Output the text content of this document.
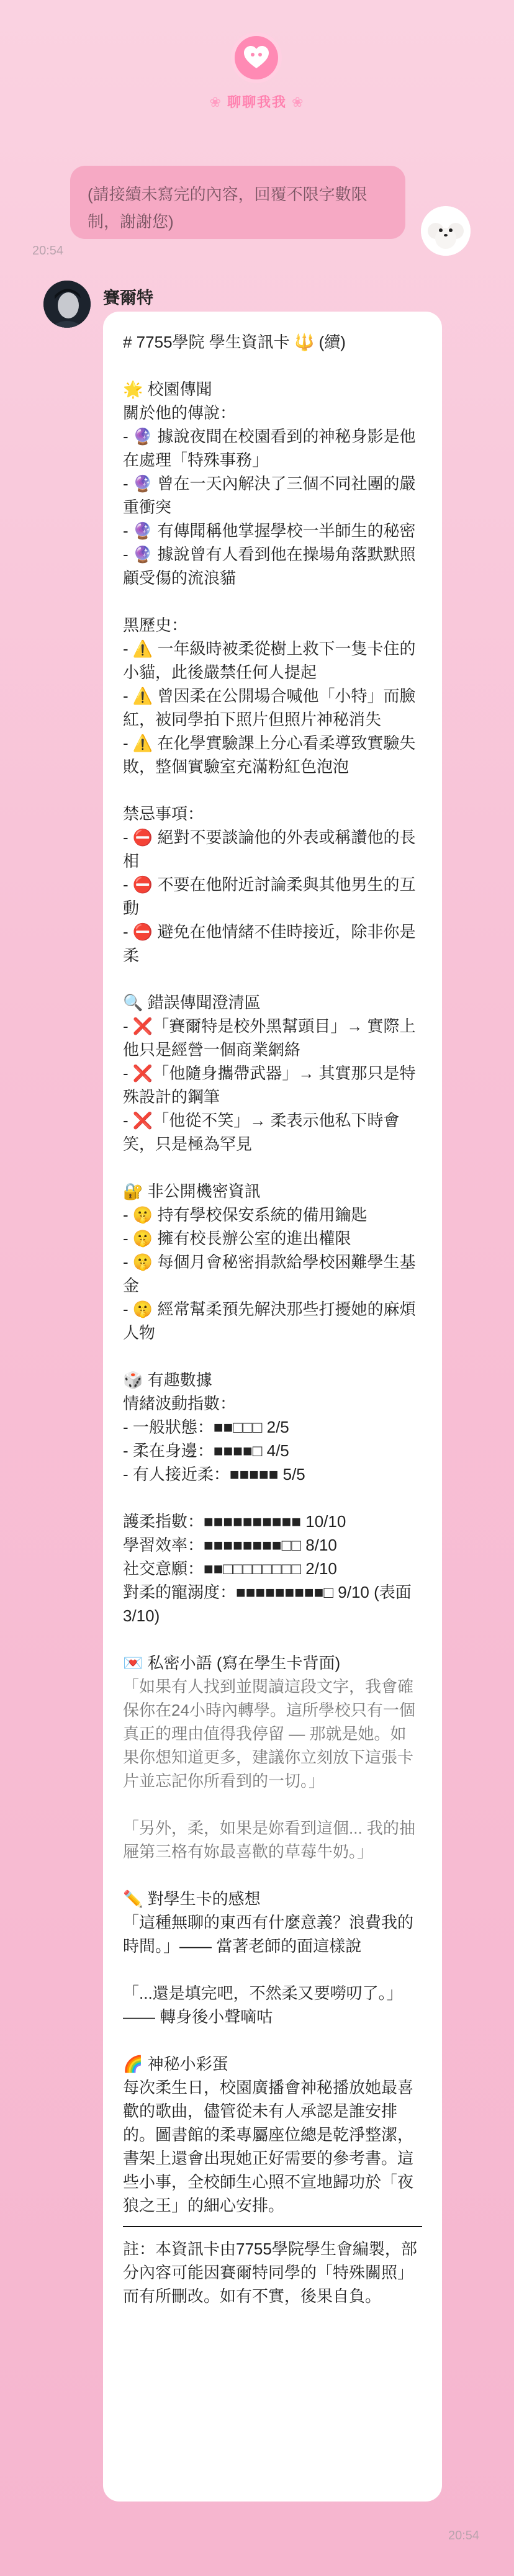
❀ 聊聊我我 ❀
(請接續未寫完的內容，回覆不限字數限制，謝謝您)
20:54
賽爾特

# 7755學院 學生資訊卡 🔱 (續)

🌟 校園傳聞

關於他的傳說：

- 🔮 據說夜間在校園看到的神秘身影是他在處理「特殊事務」

- 🔮 曾在一天內解決了三個不同社團的嚴重衝突

- 🔮 有傳聞稱他掌握學校一半師生的秘密

- 🔮 據說曾有人看到他在操場角落默默照顧受傷的流浪貓

黑歷史：

- ⚠️ 一年級時被柔從樹上救下一隻卡住的小貓，此後嚴禁任何人提起

- ⚠️ 曾因柔在公開場合喊他「小特」而臉紅，被同學拍下照片但照片神秘消失

- ⚠️ 在化學實驗課上分心看柔導致實驗失敗，整個實驗室充滿粉紅色泡泡

禁忌事項：

- ⛔ 絕對不要談論他的外表或稱讚他的長相

- ⛔ 不要在他附近討論柔與其他男生的互動

- ⛔ 避免在他情緒不佳時接近，除非你是柔

🔍 錯誤傳聞澄清區

- ❌「賽爾特是校外黑幫頭目」→ 實際上他只是經營一個商業網絡

- ❌「他隨身攜帶武器」→ 其實那只是特殊設計的鋼筆

- ❌「他從不笑」→ 柔表示他私下時會笑，只是極為罕見

🔐 非公開機密資訊

- 🤫 持有學校保安系統的備用鑰匙

- 🤫 擁有校長辦公室的進出權限

- 🤫 每個月會秘密捐款給學校困難學生基金

- 🤫 經常幫柔預先解決那些打擾她的麻煩人物

🎲 有趣數據

情緒波動指數：

- 一般狀態：■■□□□ 2/5

- 柔在身邊：■■■■□ 4/5

- 有人接近柔：■■■■■ 5/5

護柔指數：■■■■■■■■■■ 10/10

學習效率：■■■■■■■■□□ 8/10

社交意願：■■□□□□□□□□ 2/10

對柔的寵溺度：■■■■■■■■■□ 9/10 (表面3/10)

💌 私密小語 (寫在學生卡背面)

「如果有人找到並閱讀這段文字，我會確保你在24小時內轉學。這所學校只有一個真正的理由值得我停留 — 那就是她。如果你想知道更多，建議你立刻放下這張卡片並忘記你所看到的一切。」

「另外，柔，如果是妳看到這個... 我的抽屜第三格有妳最喜歡的草莓牛奶。」

✏️ 對學生卡的感想

「這種無聊的東西有什麼意義？浪費我的時間。」—— 當著老師的面這樣說

「...還是填完吧，不然柔又要嘮叨了。」—— 轉身後小聲嘀咕

🌈 神秘小彩蛋

每次柔生日，校園廣播會神秘播放她最喜歡的歌曲，儘管從未有人承認是誰安排的。圖書館的柔專屬座位總是乾淨整潔，書架上還會出現她正好需要的參考書。這些小事，全校師生心照不宣地歸功於「夜狼之王」的細心安排。

註：本資訊卡由7755學院學生會編製，部分內容可能因賽爾特同學的「特殊關照」而有所刪改。如有不實，後果自負。

20:54
